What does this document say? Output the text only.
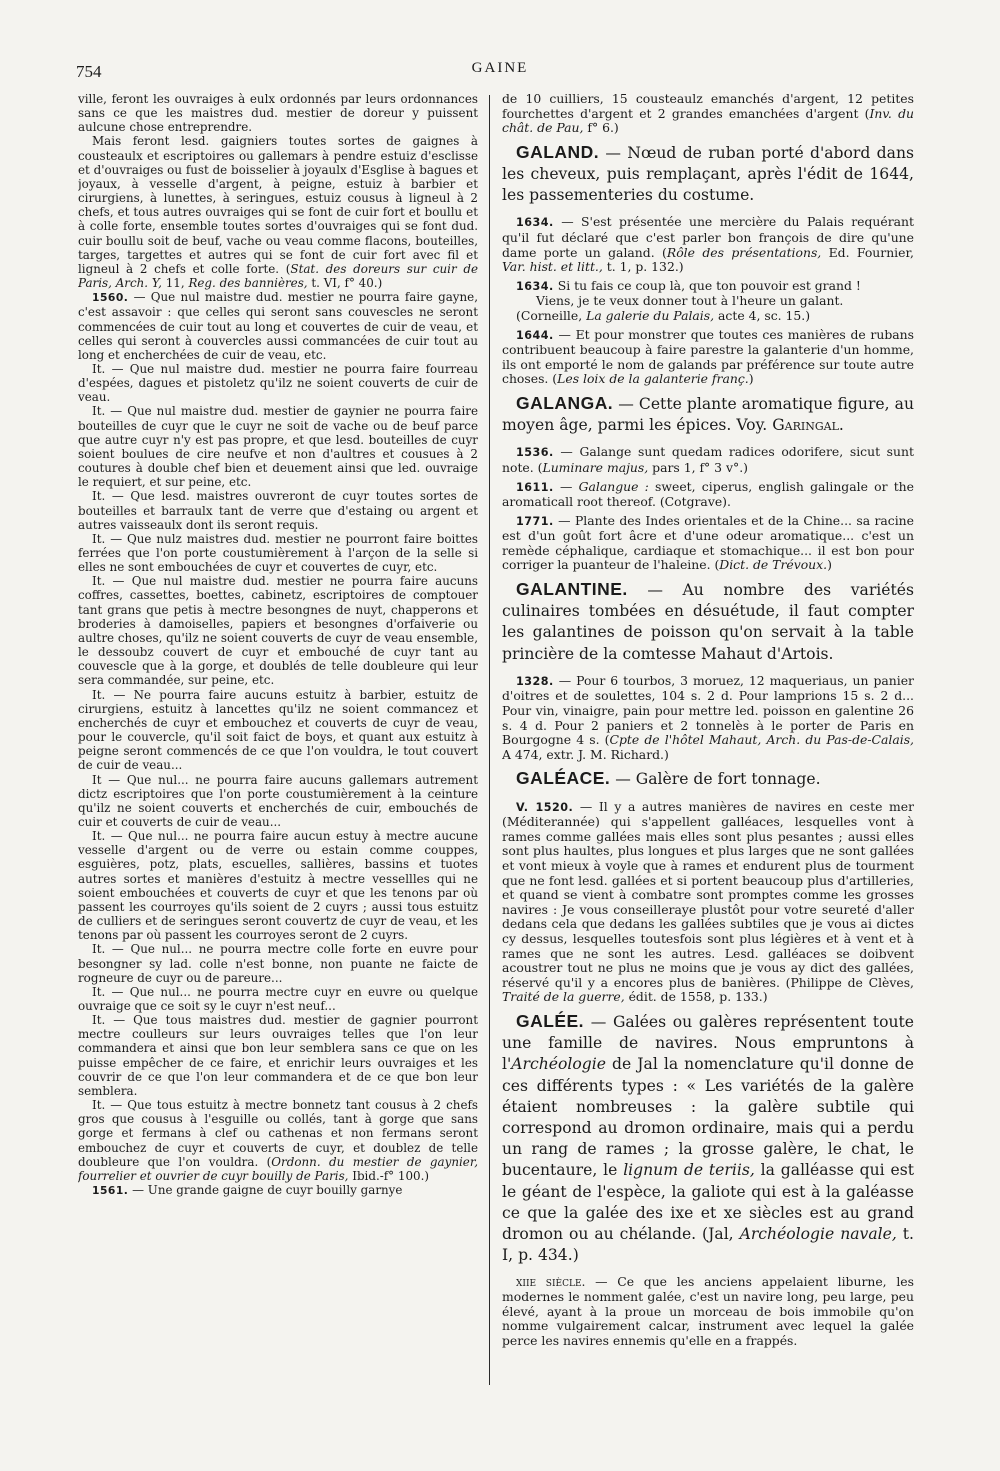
754	GAINE

ville, feront les ouvraiges à eulx ordonnés par leurs ordonnances sans ce que les maistres dud. mestier de doreur y puissent aulcune chose entreprendre.

Mais feront lesd. gaigniers toutes sortes de gaignes à cousteaulx et escriptoires ou gallemars à pendre estuiz d'esclisse et d'ouvraiges ou fust de boisselier à joyaulx d'Esglise à bagues et joyaux, à vesselle d'argent, à peigne, estuiz à barbier et cirurgiens, à lunettes, à seringues, estuiz cousus à ligneul à 2 chefs, et tous autres ouvraiges qui se font de cuir fort et boullu et à colle forte, ensemble toutes sortes d'ouvraiges qui se font dud. cuir boullu soit de beuf, vache ou veau comme flacons, bouteilles, targes, targettes et autres qui se font de cuir fort avec fil et ligneul à 2 chefs et colle forte. (Stat. des doreurs sur cuir de Paris, Arch. Y, 11, Reg. des bannières, t. VI, f° 40.)

1560. — Que nul maistre dud. mestier ne pourra faire gayne, c'est assavoir : que celles qui seront sans couvescles ne seront commencées de cuir tout au long et couvertes de cuir de veau, et celles qui seront à couvercles aussi commancées de cuir tout au long et encherchées de cuir de veau, etc.

It. — Que nul maistre dud. mestier ne pourra faire fourreau d'espées, dagues et pistoletz qu'ilz ne soient couverts de cuir de veau.

It. — Que nul maistre dud. mestier de gaynier ne pourra faire bouteilles de cuyr que le cuyr ne soit de vache ou de beuf parce que autre cuyr n'y est pas propre, et que lesd. bouteilles de cuyr soient boulues de cire neufve et non d'aultres et cousues à 2 coutures à double chef bien et deuement ainsi que led. ouvraige le requiert, et sur peine, etc.

It. — Que lesd. maistres ouvreront de cuyr toutes sortes de bouteilles et barraulx tant de verre que d'estaing ou argent et autres vaisseaulx dont ils seront requis.

It. — Que nulz maistres dud. mestier ne pourront faire boittes ferrées que l'on porte coustumièrement à l'arçon de la selle si elles ne sont embouchées de cuyr et couvertes de cuyr, etc.

It. — Que nul maistre dud. mestier ne pourra faire aucuns coffres, cassettes, boettes, cabinetz, escriptoires de comptouer tant grans que petis à mectre besongnes de nuyt, chapperons et broderies à damoiselles, papiers et besongnes d'orfaiverie ou aultre choses, qu'ilz ne soient couverts de cuyr de veau ensemble, le dessoubz couvert de cuyr et embouché de cuyr tant au couvescle que à la gorge, et doublés de telle doubleure qui leur sera commandée, sur peine, etc.

It. — Ne pourra faire aucuns estuitz à barbier, estuitz de cirurgiens, estuitz à lancettes qu'ilz ne soient commancez et encherchés de cuyr et embouchez et couverts de cuyr de veau, pour le couvercle, qu'il soit faict de boys, et quant aux estuitz à peigne seront commencés de ce que l'on vouldra, le tout couvert de cuir de veau...

It — Que nul... ne pourra faire aucuns gallemars autrement dictz escriptoires que l'on porte coustumièrement à la ceinture qu'ilz ne soient couverts et encherchés de cuir, embouchés de cuir et couverts de cuir de veau...

It. — Que nul... ne pourra faire aucun estuy à mectre aucune vesselle d'argent ou de verre ou estain comme couppes, esguières, potz, plats, escuelles, sallières, bassins et tuotes autres sortes et manières d'estuitz à mectre vessellles qui ne soient embouchées et couverts de cuyr et que les tenons par où passent les courroyes qu'ils soient de 2 cuyrs ; aussi tous estuitz de culliers et de seringues seront couvertz de cuyr de veau, et les tenons par où passent les courroyes seront de 2 cuyrs.

It. — Que nul... ne pourra mectre colle forte en euvre pour besongner sy lad. colle n'est bonne, non puante ne faicte de rogneure de cuyr ou de pareure...

It. — Que nul... ne pourra mectre cuyr en euvre ou quelque ouvraige que ce soit sy le cuyr n'est neuf...

It. — Que tous maistres dud. mestier de gagnier pourront mectre coulleurs sur leurs ouvraiges telles que l'on leur commandera et ainsi que bon leur semblera sans ce que on les puisse empêcher de ce faire, et enrichir leurs ouvraiges et les couvrir de ce que l'on leur commandera et de ce que bon leur semblera.

It. — Que tous estuitz à mectre bonnetz tant cousus à 2 chefs gros que cousus à l'esguille ou collés, tant à gorge que sans gorge et fermans à clef ou cathenas et non fermans seront embouchez de cuyr et couverts de cuyr, et doublez de telle doubleure que l'on vouldra. (Ordonn. du mestier de gaynier, fourrelier et ouvrier de cuyr bouilly de Paris, Ibid.-f° 100.)

1561. — Une grande gaigne de cuyr bouilly garnye

de 10 cuilliers, 15 cousteaulz emanchés d'argent, 12 petites fourchettes d'argent et 2 grandes emanchées d'argent (Inv. du chât. de Pau, f° 6.)

GALAND. — Nœud de ruban porté d'abord dans les cheveux, puis remplaçant, après l'édit de 1644, les passementeries du costume.

1634. — S'est présentée une mercière du Palais requérant qu'il fut déclaré que c'est parler bon françois de dire qu'une dame porte un galand. (Rôle des présentations, Ed. Fournier, Var. hist. et litt., t. 1, p. 132.)

1634. Si tu fais ce coup là, que ton pouvoir est grand !

Viens, je te veux donner tout à l'heure un galant.

(Corneille, La galerie du Palais, acte 4, sc. 15.)

1644. — Et pour monstrer que toutes ces manières de rubans contribuent beaucoup à faire parestre la galanterie d'un homme, ils ont emporté le nom de galands par préférence sur toute autre choses. (Les loix de la galanterie franç.)

GALANGA. — Cette plante aromatique figure, au moyen âge, parmi les épices. Voy. Garingal.

1536. — Galange sunt quedam radices odorifere, sicut sunt note. (Luminare majus, pars 1, f° 3 v°.)

1611. — Galangue : sweet, ciperus, english galingale or the aromaticall root thereof. (Cotgrave).

1771. — Plante des Indes orientales et de la Chine... sa racine est d'un goût fort âcre et d'une odeur aromatique... c'est un remède céphalique, cardiaque et stomachique... il est bon pour corriger la puanteur de l'haleine. (Dict. de Trévoux.)

GALANTINE. — Au nombre des variétés culinaires tombées en désuétude, il faut compter les galantines de poisson qu'on servait à la table princière de la comtesse Mahaut d'Artois.

1328. — Pour 6 tourbos, 3 moruez, 12 maqueriaus, un panier d'oitres et de soulettes, 104 s. 2 d. Pour lamprions 15 s. 2 d... Pour vin, vinaigre, pain pour mettre led. poisson en galentine 26 s. 4 d. Pour 2 paniers et 2 tonnelès à le porter de Paris en Bourgogne 4 s. (Cpte de l'hôtel Mahaut, Arch. du Pas-de-Calais, A 474, extr. J. M. Richard.)

GALÉACE. — Galère de fort tonnage.

V. 1520. — Il y a autres manières de navires en ceste mer (Méditerannée) qui s'appellent galléaces, lesquelles vont à rames comme gallées mais elles sont plus pesantes ; aussi elles sont plus haultes, plus longues et plus larges que ne sont gallées et vont mieux à voyle que à rames et endurent plus de tourment que ne font lesd. gallées et si portent beaucoup plus d'artilleries, et quand se vient à combatre sont promptes comme les grosses navires : Je vous conseilleraye plustôt pour votre seureté d'aller dedans cela que dedans les gallées subtiles que je vous ai dictes cy dessus, lesquelles toutesfois sont plus légières et à vent et à rames que ne sont les autres. Lesd. galléaces se doibvent acoustrer tout ne plus ne moins que je vous ay dict des gallées, réservé qu'il y a encores plus de banières. (Philippe de Clèves, Traité de la guerre, édit. de 1558, p. 133.)

GALÉE. — Galées ou galères représentent toute une famille de navires. Nous empruntons à l'Archéologie de Jal la nomenclature qu'il donne de ces différents types : « Les variétés de la galère étaient nombreuses : la galère subtile qui correspond au dromon ordinaire, mais qui a perdu un rang de rames ; la grosse galère, le chat, le bucentaure, le lignum de teriis, la galléasse qui est le géant de l'espèce, la galiote qui est à la galéasse ce que la galée des ixe et xe siècles est au grand dromon ou au chélande. (Jal, Archéologie navale, t. I, p. 434.)

xiie siècle. — Ce que les anciens appelaient liburne, les modernes le nomment galée, c'est un navire long, peu large, peu élevé, ayant à la proue un morceau de bois immobile qu'on nomme vulgairement calcar, instrument avec lequel la galée perce les navires ennemis qu'elle en a frappés.
